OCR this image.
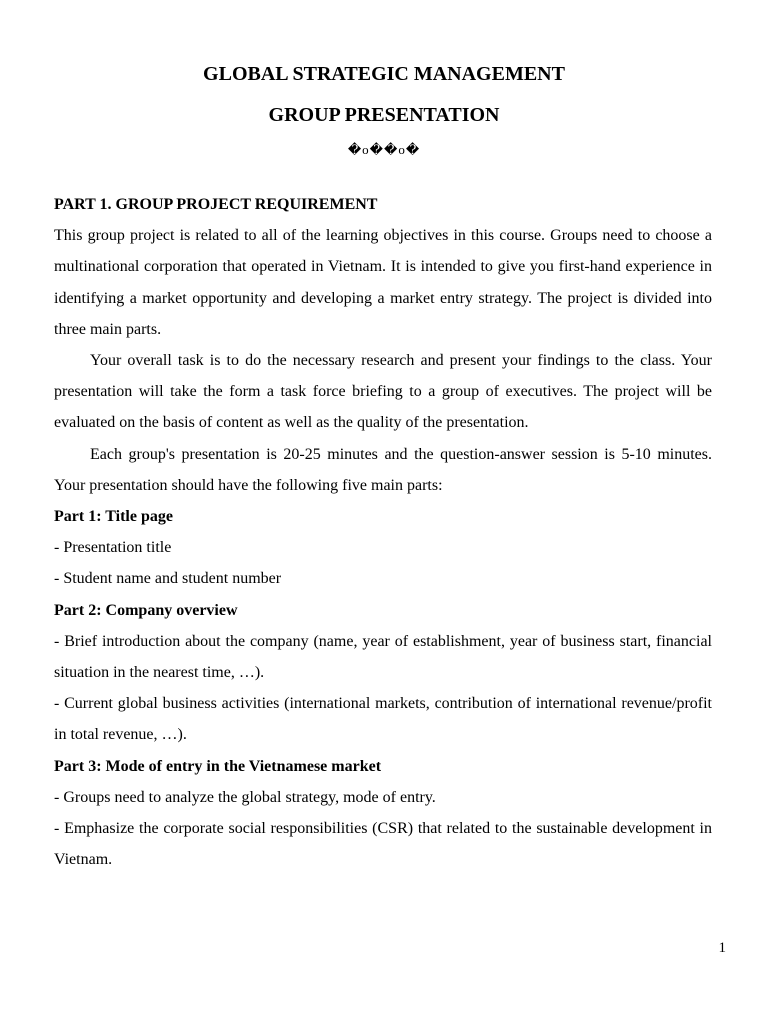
GLOBAL STRATEGIC MANAGEMENT
GROUP PRESENTATION
�o��o�

PART 1. GROUP PROJECT REQUIREMENT

This group project is related to all of the learning objectives in this course. Groups need to choose a multinational corporation that operated in Vietnam. It is intended to give you first-hand experience in identifying a market opportunity and developing a market entry strategy. The project is divided into three main parts.

Your overall task is to do the necessary research and present your findings to the class. Your presentation will take the form a task force briefing to a group of executives. The project will be evaluated on the basis of content as well as the quality of the presentation.

Each group's presentation is 20-25 minutes and the question-answer session is 5-10 minutes. Your presentation should have the following five main parts:

Part 1: Title page

- Presentation title

- Student name and student number

Part 2: Company overview

- Brief introduction about the company (name, year of establishment, year of business start, financial situation in the nearest time, …).

- Current global business activities (international markets, contribution of international revenue/profit in total revenue, …).

Part 3: Mode of entry in the Vietnamese market

- Groups need to analyze the global strategy, mode of entry.

- Emphasize the corporate social responsibilities (CSR) that related to the sustainable development in Vietnam.

1
